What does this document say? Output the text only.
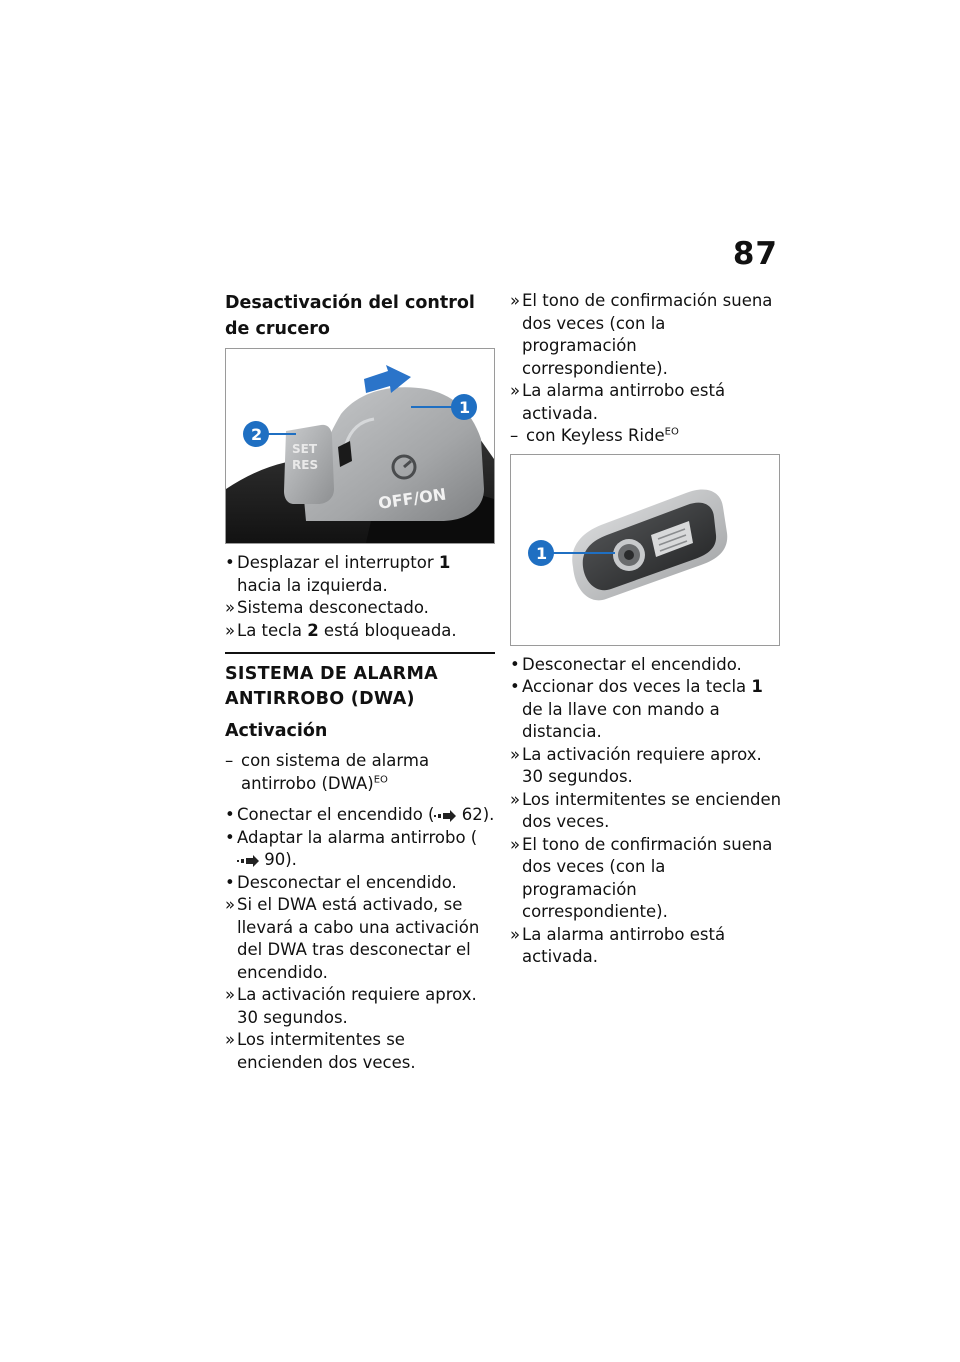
87
Desactivación del control de crucero
OFF/ON
SET
RES
2
1
• Desplazar el interruptor 1 hacia la izquierda.
» Sistema desconectado.
» La tecla 2 está bloqueada.
SISTEMA DE ALARMA ANTIRROBO (DWA)
Activación
– con sistema de alarma antirrobo (DWA)$^{EO}$
• Conectar el encendido ( 62).
• Adaptar la alarma antirrobo ( 90).
• Desconectar el encendido.
» Si el DWA está activado, se llevará a cabo una activación del DWA tras desconectar el encendido.
» La activación requiere aprox. 30 segundos.
» Los intermitentes se encienden dos veces.
» El tono de confirmación suena dos veces (con la programación correspondiente).
» La alarma antirrobo está activada.
– con Keyless Ride$^{EO}$
1
• Desconectar el encendido.
• Accionar dos veces la tecla 1 de la llave con mando a distancia.
» La activación requiere aprox. 30 segundos.
» Los intermitentes se encienden dos veces.
» El tono de confirmación suena dos veces (con la programación correspondiente).
» La alarma antirrobo está activada.
